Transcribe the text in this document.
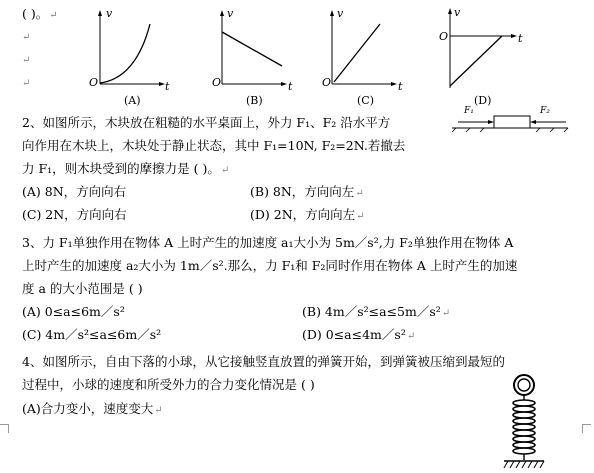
( )。↵
↵
↵
↵
v
O	t
(A)
v
O	t
(B)
v
O	t
(C)
v
O	t
(D)
F₁	F₂
2、如图所示，木块放在粗糙的水平桌面上，外力 F₁、F₂ 沿水平方
向作用在木块上，木块处于静止状态，其中 F₁=10N, F₂=2N.若撤去
力 F₁，则木块受到的摩擦力是 ( )。↵
(A) 8N，方向向右	(B) 8N，方向向左↵
(C) 2N，方向向右	(D) 2N，方向向左↵
3、力 F₁单独作用在物体 A 上时产生的加速度 a₁大小为 5m／s²,力 F₂单独作用在物体 A
上时产生的加速度 a₂大小为 1m／s².那么，力 F₁和 F₂同时作用在物体 A 上时产生的加速
度 a 的大小范围是 ( )
(A) 0≤a≤6m／s²	(B) 4m／s²≤a≤5m／s²↵
(C) 4m／s²≤a≤6m／s²	(D) 0≤a≤4m／s²↵
4、如图所示，自由下落的小球，从它接触竖直放置的弹簧开始，到弹簧被压缩到最短的
过程中，小球的速度和所受外力的合力变化情况是 ( )
(A)合力变小，速度变大↵
